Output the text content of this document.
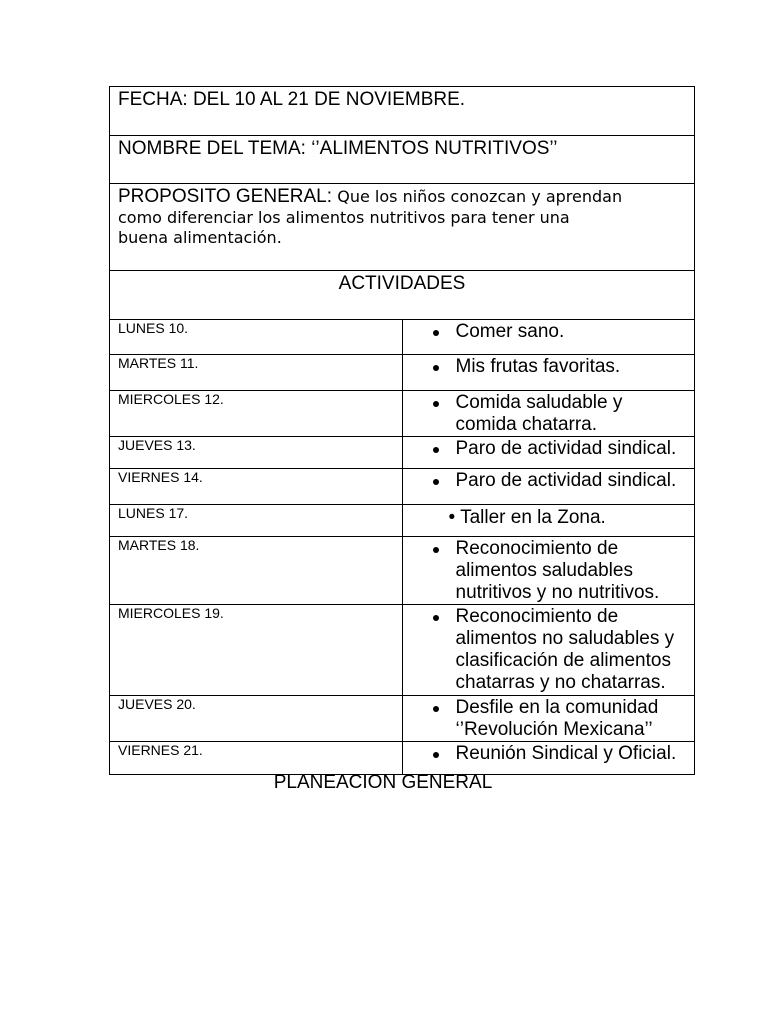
FECHA: DEL 10 AL 21 DE NOVIEMBRE.	
NOMBRE DEL TEMA: ‘’ALIMENTOS NUTRITIVOS’’	

PROPOSITO GENERAL: Que los niños conozcan y aprendan
como diferenciar los alimentos nutritivos para tener una
buena alimentación.	

ACTIVIDADES	
LUNES 10.	Comer sano.

MARTES 11.	Mis frutas favoritas.

MIERCOLES 12.	Comida saludable y
comida chatarra.

JUEVES 13.	Paro de actividad sindical.

VIERNES 14.	Paro de actividad sindical.

LUNES 17.	• Taller en la Zona.

MARTES 18.	Reconocimiento de
alimentos saludables
nutritivos y no nutritivos.

MIERCOLES 19.	Reconocimiento de
alimentos no saludables y
clasificación de alimentos
chatarras y no chatarras.

JUEVES 20.	Desfile en la comunidad
‘’Revolución Mexicana’’

VIERNES 21.	Reunión Sindical y Oficial.
PLANEACION GENERAL
